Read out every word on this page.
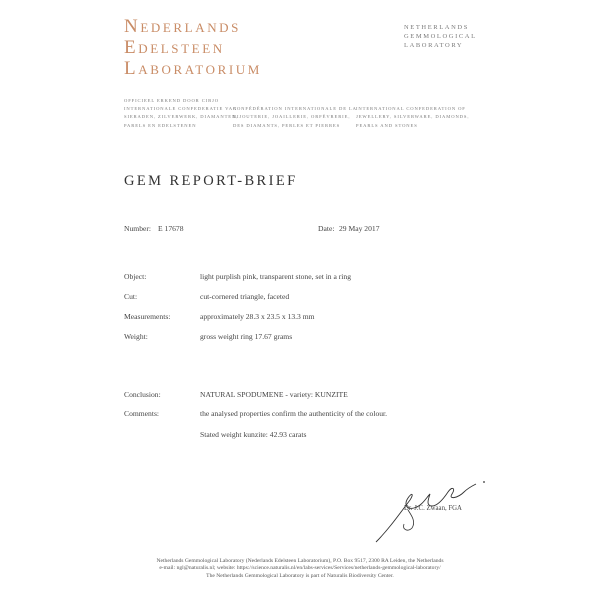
Nederlands
Edelsteen
Laboratorium
NETHERLANDS
GEMMOLOGICAL
LABORATORY
OFFICIEEL ERKEND DOOR CIBJO
INTERNATIONALE CONFEDERATIE VAN
SIERADEN, ZILVERWERK, DIAMANTEN,
PARELS EN EDELSTENEN

CONFÉDÉRATION INTERNATIONALE DE LA
BIJOUTERIE, JOAILLERIE, ORFÈVRERIE,
DES DIAMANTS, PERLES ET PIERRES

INTERNATIONAL CONFEDERATION OF
JEWELLERY, SILVERWARE, DIAMONDS,
PEARLS AND STONES
GEM REPORT-BRIEF
Number: E 17678	Date: 29 May 2017
Object:	light purplish pink, transparent stone, set in a ring
Cut:	cut-cornered triangle, faceted
Measurements:	approximately 28.3 x 23.5 x 13.3 mm
Weight:	gross weight ring 17.67 grams
Conclusion:	NATURAL SPODUMENE - variety: KUNZITE
Comments:	the analysed properties confirm the authenticity of the colour.
Stated weight kunzite: 42.93 carats
Dr. J.C. Zwaan, FGA
Netherlands Gemmological Laboratory (Nederlands Edelsteen Laboratorium), P.O. Box 9517, 2300 RA Leiden, the Netherlands
e-mail: ngl@naturalis.nl; website: https://science.naturalis.nl/en/labs-services/Services/netherlands-gemmological-laboratory/
The Netherlands Gemmological Laboratory is part of Naturalis Biodiversity Center.
